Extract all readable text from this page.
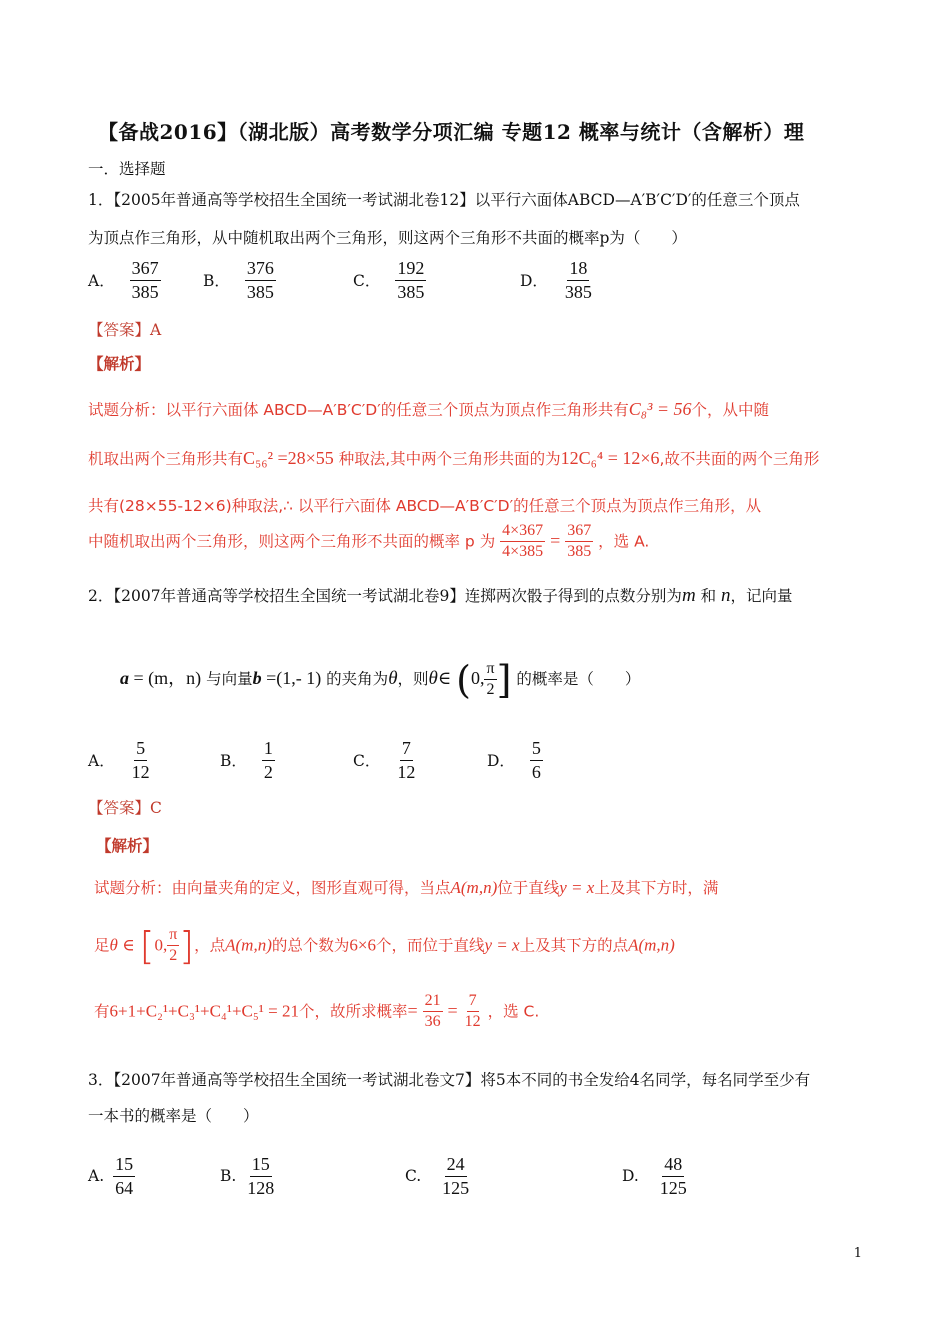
【备战2016】（湖北版）高考数学分项汇编 专题12 概率与统计（含解析）理
一．选择题
1．【2005年普通高等学校招生全国统一考试湖北卷12】以平行六面体ABCD—A′B′C′D′的任意三个顶点
为顶点作三角形，从中随机取出两个三角形，则这两个三角形不共面的概率p为（　　）
A． $\frac{367}{385}$	B． $\frac{376}{385}$	C． $\frac{192}{385}$	D． $\frac{18}{385}$
【答案】A
【解析】
试题分析：以平行六面体 ABCD—A′B′C′D′的任意三个顶点为顶点作三角形共有C₈³ = 56个，从中随
机取出两个三角形共有C₅₆² =28×55 种取法,其中两个三角形共面的为12C₆⁴ = 12×6,故不共面的两个三角形
共有(28×55-12×6)种取法,∴ 以平行六面体 ABCD—A′B′C′D′的任意三个顶点为顶点作三角形，从
中随机取出两个三角形，则这两个三角形不共面的概率 p 为 $\frac{4\times 367}{4\times 385} = \frac{367}{385}$ ，选 A.
2．【2007年普通高等学校招生全国统一考试湖北卷9】连掷两次骰子得到的点数分别为m 和 n，记向量
a = (m，n) 与向量b =(1,- 1) 的夹角为θ，则θ∈ (0, $\frac{\pi}{2}$ ] 的概率是（　　）
A． $\frac{5}{12}$	B． $\frac{1}{2}$	C． $\frac{7}{12}$	D． $\frac{5}{6}$
【答案】C
【解析】
试题分析：由向量夹角的定义，图形直观可得，当点A(m,n)位于直线y = x上及其下方时，满
足θ ∈ [0, $\frac{\pi}{2}$ ]，点A(m,n)的总个数为6×6个，而位于直线y = x上及其下方的点A(m,n)
有6+1+C₂¹+C₃¹+C₄¹+C₅¹ = 21个，故所求概率= $\frac{21}{36} = \frac{7}{12}$ ，选 C.
3．【2007年普通高等学校招生全国统一考试湖北卷文7】将5本不同的书全发给4名同学，每名同学至少有
一本书的概率是（　　）
A. $\frac{15}{64}$	B. $\frac{15}{128}$	C. $\frac{24}{125}$	D. $\frac{48}{125}$
1
